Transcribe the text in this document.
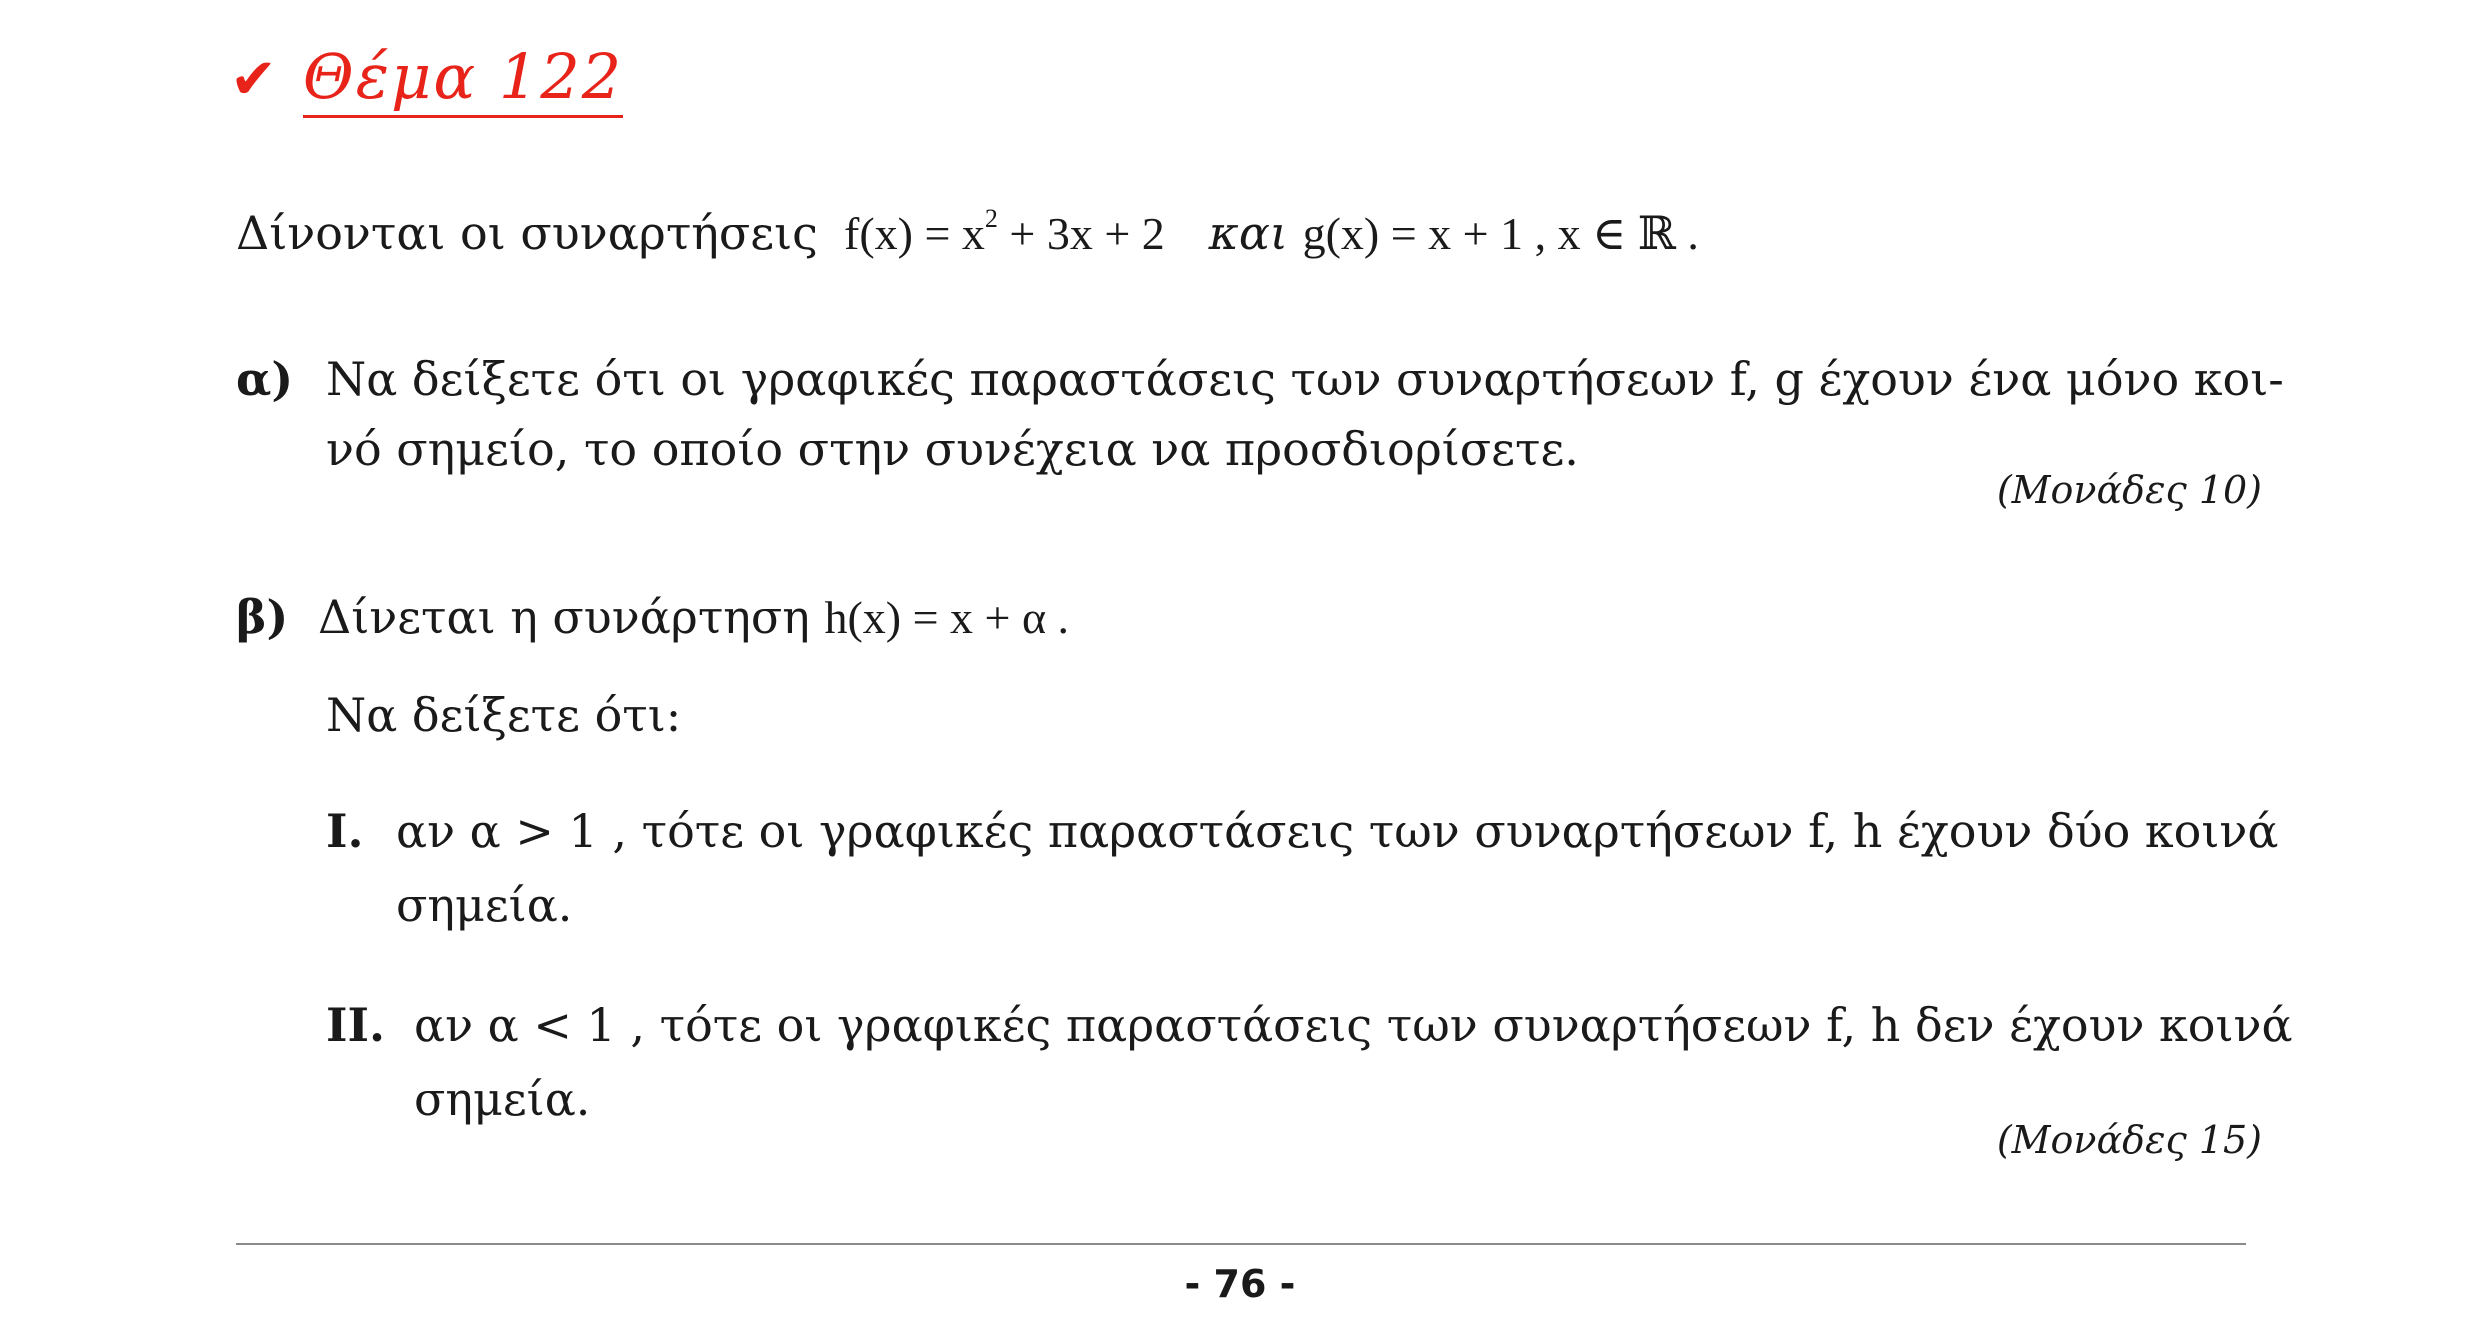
✔ Θέμα 122
Δίνονται οι συναρτήσεις $f(x) = x^2 + 3x + 2$ και g(x) = x + 1 , x ∈ ℝ .
α) Να δείξετε ότι οι γραφικές παραστάσεις των συναρτήσεων f, g έχουν ένα μόνο κοι-
νό σημείο, το οποίο στην συνέχεια να προσδιορίσετε.
(Μονάδες 10)
β) Δίνεται η συνάρτηση h(x) = x + α .
Να δείξετε ότι:
I. αν α > 1 , τότε οι γραφικές παραστάσεις των συναρτήσεων f, h έχουν δύο κοινά
σημεία.
II. αν α < 1 , τότε οι γραφικές παραστάσεις των συναρτήσεων f, h δεν έχουν κοινά
σημεία.
(Μονάδες 15)
- 76 -
